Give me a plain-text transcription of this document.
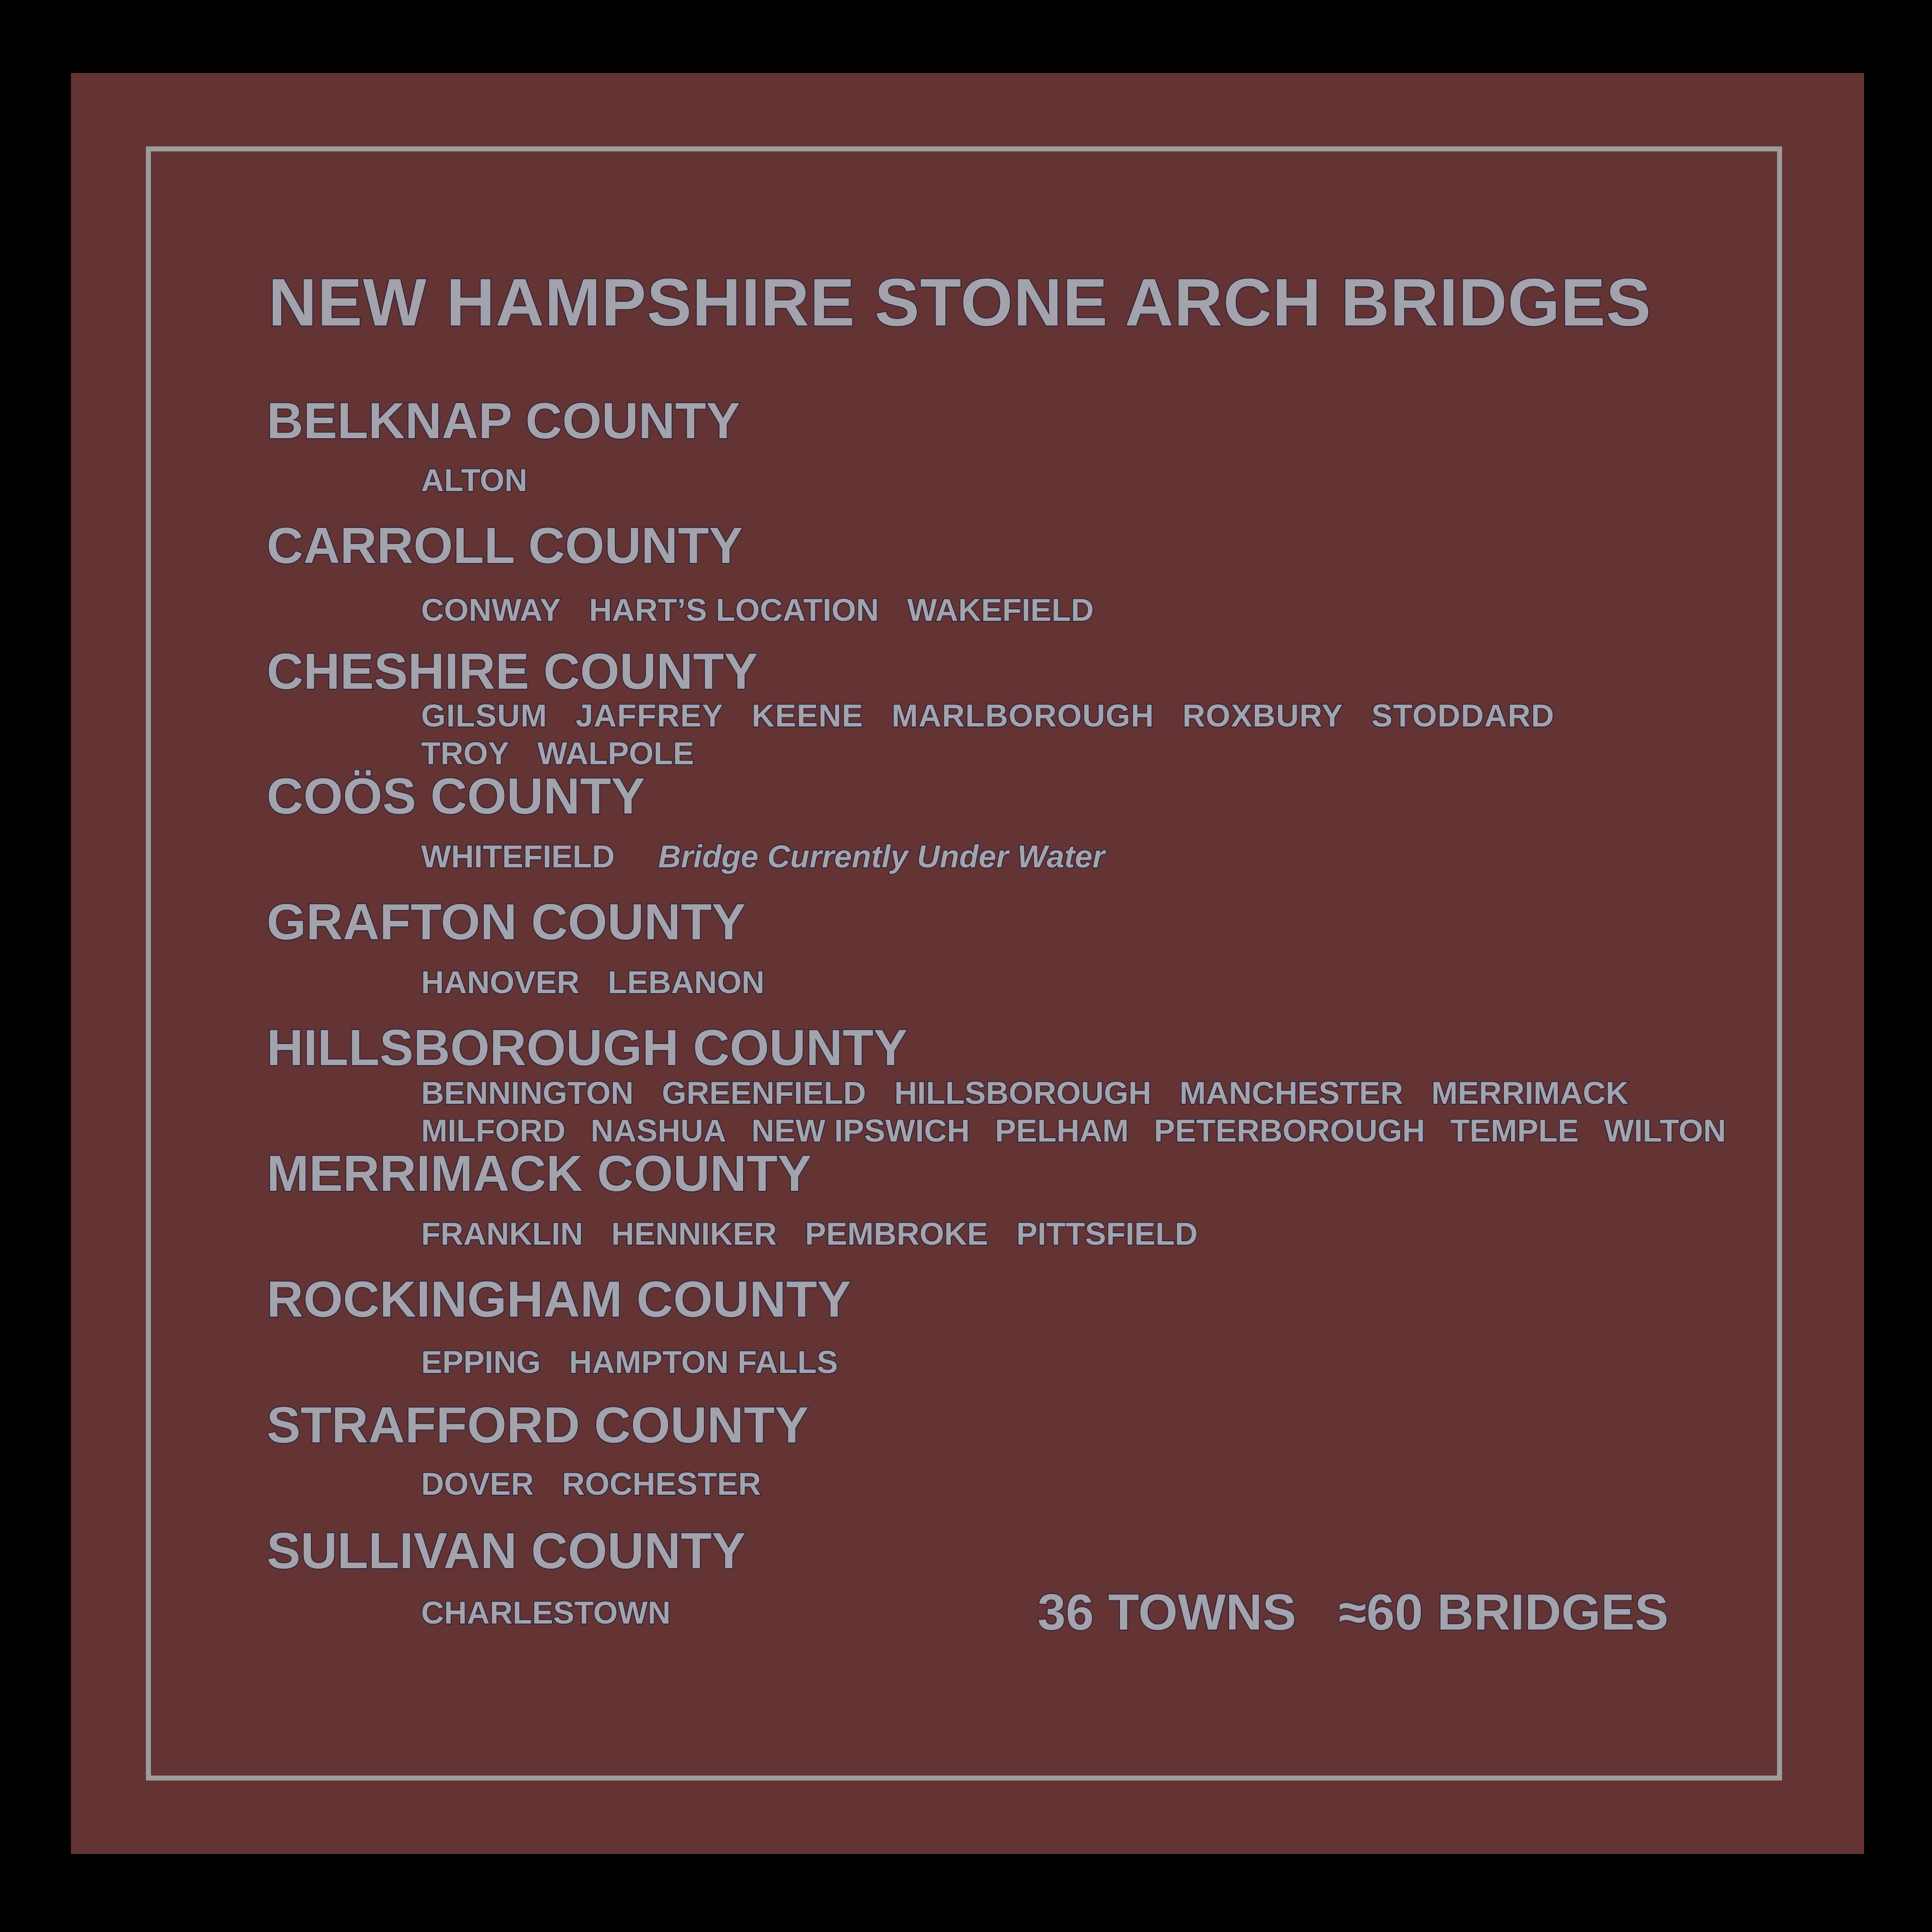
NEW HAMPSHIRE STONE ARCH BRIDGES
BELKNAP COUNTY
ALTON
CARROLL COUNTY
CONWAY HART’S LOCATION WAKEFIELD
CHESHIRE COUNTY
GILSUM JAFFREY KEENE MARLBOROUGH ROXBURY STODDARD
TROY WALPOLE
COÖS COUNTY
WHITEFIELD Bridge Currently Under Water
GRAFTON COUNTY
HANOVER LEBANON
HILLSBOROUGH COUNTY
BENNINGTON GREENFIELD HILLSBOROUGH MANCHESTER MERRIMACK
MILFORD NASHUA NEW IPSWICH PELHAM PETERBOROUGH TEMPLE WILTON
MERRIMACK COUNTY
FRANKLIN HENNIKER PEMBROKE PITTSFIELD
ROCKINGHAM COUNTY
EPPING HAMPTON FALLS
STRAFFORD COUNTY
DOVER ROCHESTER
SULLIVAN COUNTY
CHARLESTOWN	36 TOWNS ≈60 BRIDGES
